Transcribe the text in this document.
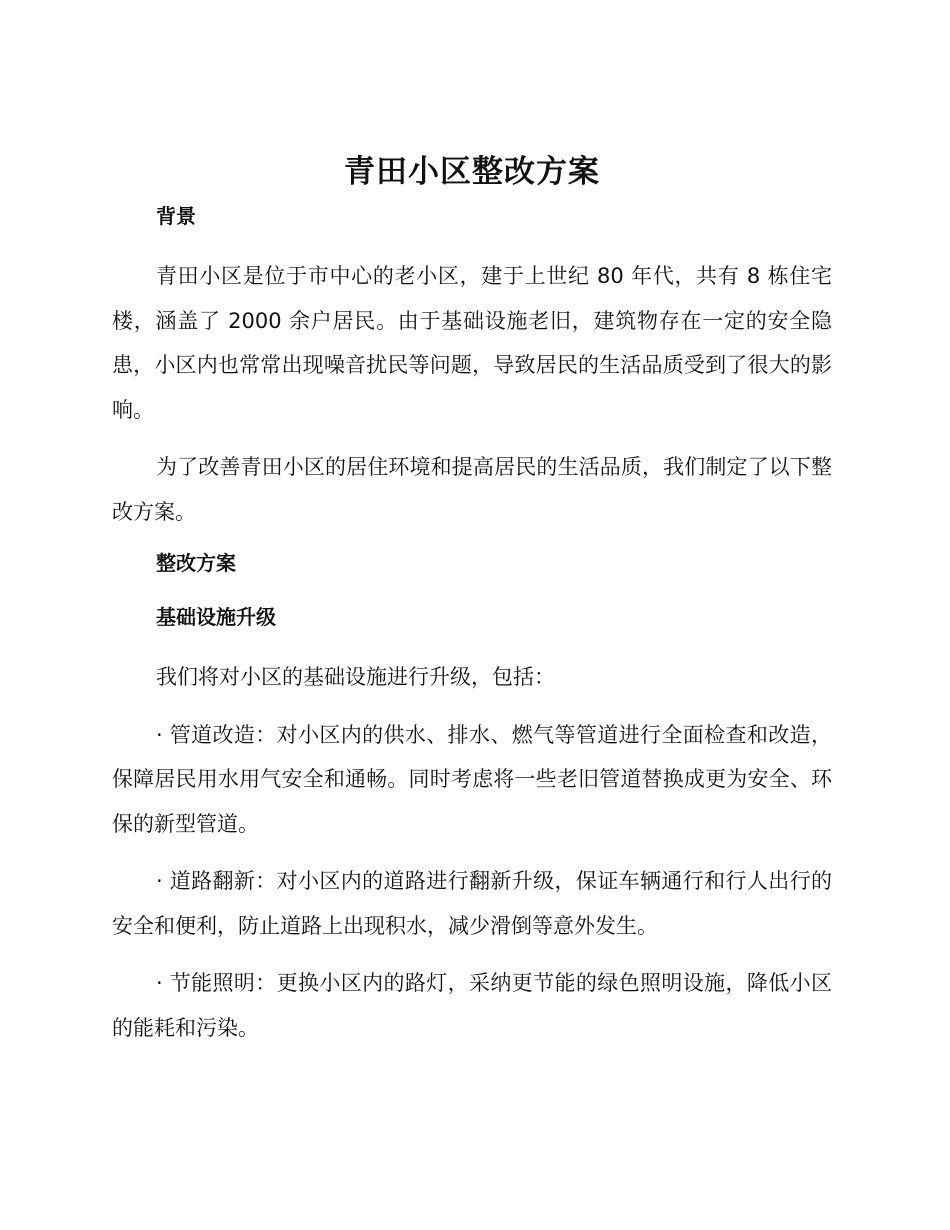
青田小区整改方案
背景

青田小区是位于市中心的老小区，建于上世纪 80 年代，共有 8 栋住宅楼，涵盖了 2000 余户居民。由于基础设施老旧，建筑物存在一定的安全隐患，小区内也常常出现噪音扰民等问题，导致居民的生活品质受到了很大的影响。

为了改善青田小区的居住环境和提高居民的生活品质，我们制定了以下整改方案。

整改方案
基础设施升级

我们将对小区的基础设施进行升级，包括：

· 管道改造：对小区内的供水、排水、燃气等管道进行全面检查和改造，保障居民用水用气安全和通畅。同时考虑将一些老旧管道替换成更为安全、环保的新型管道。

· 道路翻新：对小区内的道路进行翻新升级，保证车辆通行和行人出行的安全和便利，防止道路上出现积水，减少滑倒等意外发生。

· 节能照明：更换小区内的路灯，采纳更节能的绿色照明设施，降低小区的能耗和污染。
